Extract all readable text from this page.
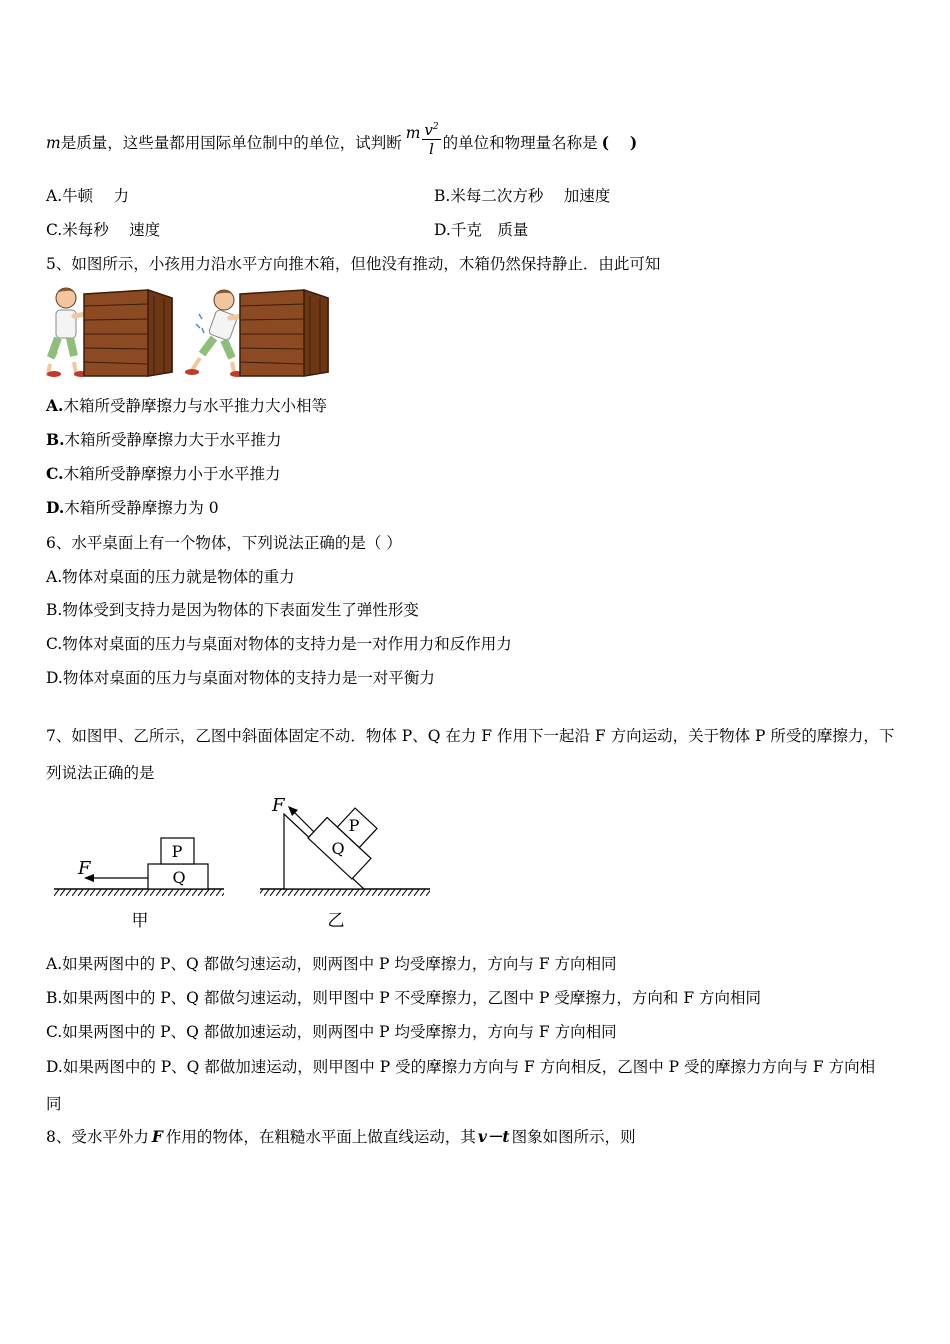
m是质量，这些量都用国际单位制中的单位，试判断m $\frac{v^2}{l}$ 的单位和物理量名称是 (　 )
A.牛顿　 力	B.米每二次方秒　 加速度
C.米每秒　 速度	D.千克　质量
5、如图所示，小孩用力沿水平方向推木箱，但他没有推动，木箱仍然保持静止．由此可知
A.木箱所受静摩擦力与水平推力大小相等
B.木箱所受静摩擦力大于水平推力
C.木箱所受静摩擦力小于水平推力
D.木箱所受静摩擦力为 0
6、水平桌面上有一个物体，下列说法正确的是（ ）
A.物体对桌面的压力就是物体的重力
B.物体受到支持力是因为物体的下表面发生了弹性形变
C.物体对桌面的压力与桌面对物体的支持力是一对作用力和反作用力
D.物体对桌面的压力与桌面对物体的支持力是一对平衡力
7、如图甲、乙所示，乙图中斜面体固定不动．物体 P、Q 在力 F 作用下一起沿 F 方向运动，关于物体 P 所受的摩擦力，下
列说法正确的是
Q
P
F
甲
Q
P
F
乙
A.如果两图中的 P、Q 都做匀速运动，则两图中 P 均受摩擦力，方向与 F 方向相同
B.如果两图中的 P、Q 都做匀速运动，则甲图中 P 不受摩擦力，乙图中 P 受摩擦力，方向和 F 方向相同
C.如果两图中的 P、Q 都做加速运动，则两图中 P 均受摩擦力，方向与 F 方向相同
D.如果两图中的 P、Q 都做加速运动，则甲图中 P 受的摩擦力方向与 F 方向相反，乙图中 P 受的摩擦力方向与 F 方向相
同
8、受水平外力 F 作用的物体，在粗糙水平面上做直线运动，其 v－t 图象如图所示，则
